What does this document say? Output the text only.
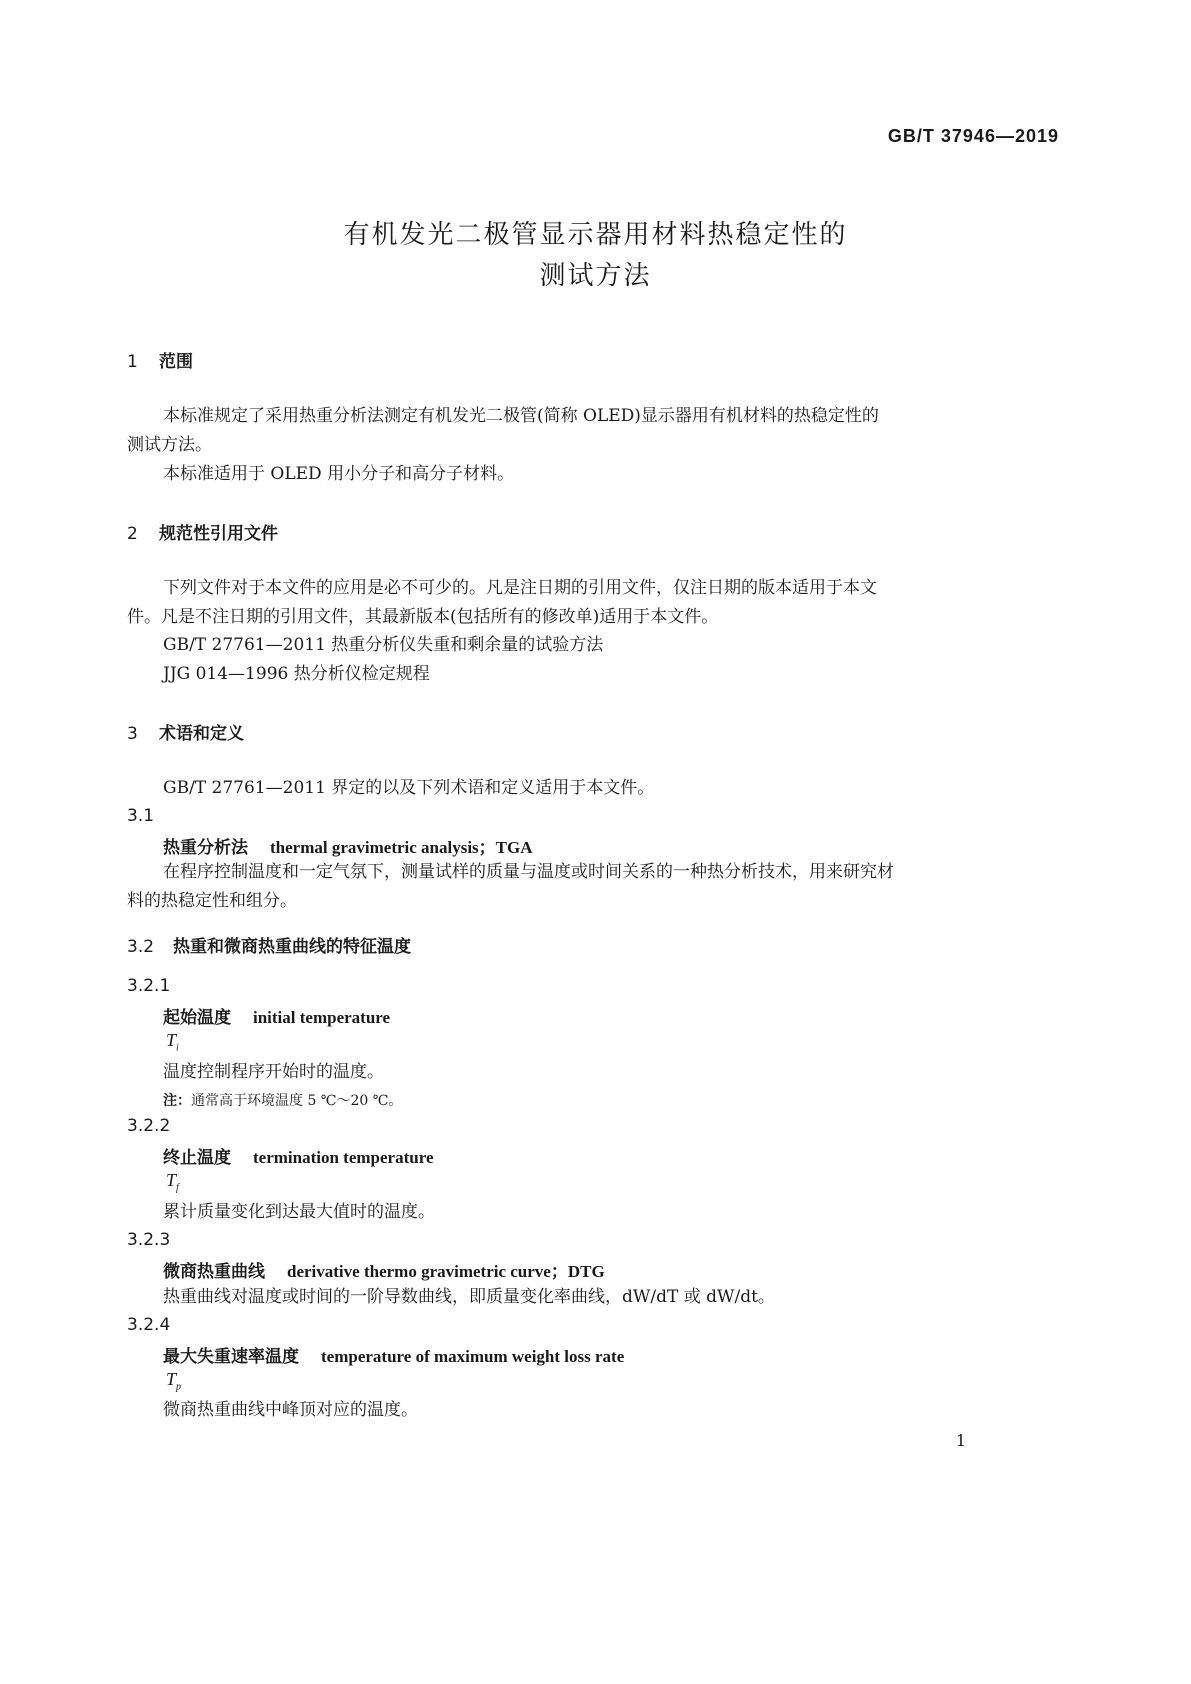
GB/T 37946—2019
有机发光二极管显示器用材料热稳定性的
测试方法
1 范围
本标准规定了采用热重分析法测定有机发光二极管(简称 OLED)显示器用有机材料的热稳定性的
测试方法。
本标准适用于 OLED 用小分子和高分子材料。
2 规范性引用文件
下列文件对于本文件的应用是必不可少的。凡是注日期的引用文件，仅注日期的版本适用于本文
件。凡是不注日期的引用文件，其最新版本(包括所有的修改单)适用于本文件。
GB/T 27761—2011 热重分析仪失重和剩余量的试验方法
JJG 014—1996 热分析仪检定规程
3 术语和定义
GB/T 27761—2011 界定的以及下列术语和定义适用于本文件。
3.1
热重分析法 thermal gravimetric analysis；TGA
在程序控制温度和一定气氛下，测量试样的质量与温度或时间关系的一种热分析技术，用来研究材
料的热稳定性和组分。
3.2 热重和微商热重曲线的特征温度
3.2.1
起始温度 initial temperature
$T_i$
温度控制程序开始时的温度。
注：通常高于环境温度 5 ℃～20 ℃。
3.2.2
终止温度 termination temperature
$T_f$
累计质量变化到达最大值时的温度。
3.2.3
微商热重曲线 derivative thermo gravimetric curve；DTG
热重曲线对温度或时间的一阶导数曲线，即质量变化率曲线，dW/dT 或 dW/dt。
3.2.4
最大失重速率温度 temperature of maximum weight loss rate
$T_p$
微商热重曲线中峰顶对应的温度。
1
